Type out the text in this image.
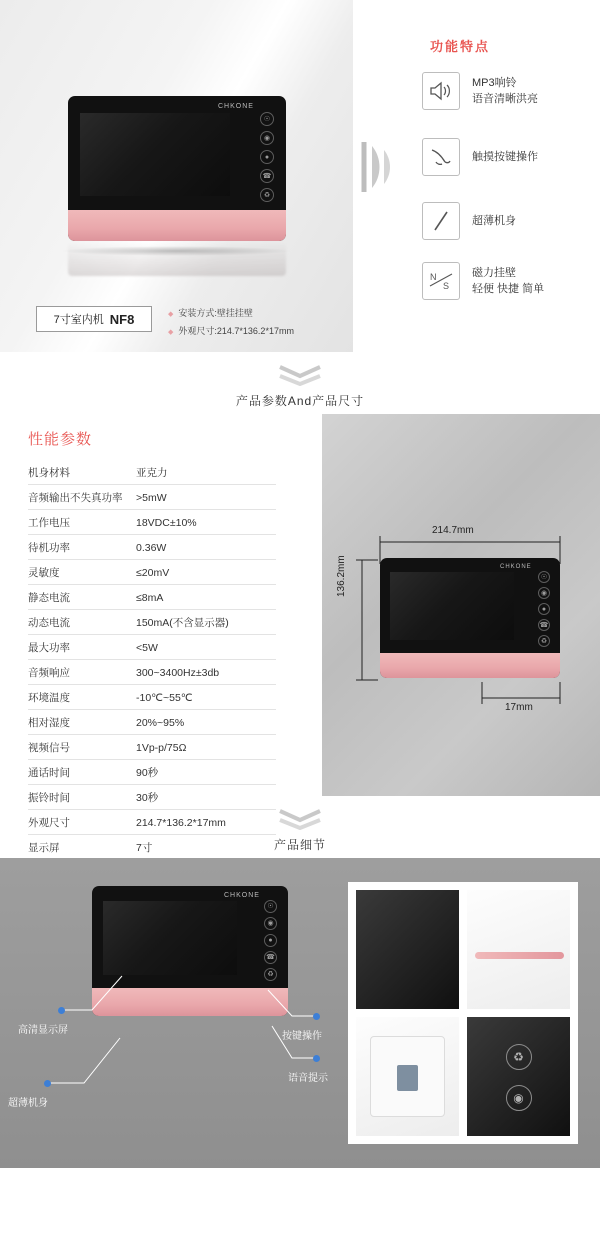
功能特点
CHKONE
☉
◉
●
☎
♻
7寸室内机 NF8	◆ 安装方式:壁挂挂壁
◆ 外观尺寸:214.7*136.2*17mm
MP3响铃
语音清晰洪亮
触摸按键操作
超薄机身
N
S
磁力挂壁
轻便 快捷 简单
产品参数And产品尺寸
性能参数
机身材料	亚克力
音频输出不失真功率	>5mW
工作电压	18VDC±10%
待机功率	0.36W
灵敏度	≤20mV
静态电流	≤8mA
动态电流	150mA(不含显示器)
最大功率	<5W
音频响应	300~3400Hz±3db
环境温度	-10℃~55℃
相对湿度	20%~95%
视频信号	1Vp-p/75Ω
通话时间	90秒
振铃时间	30秒
外观尺寸	214.7*136.2*17mm
显示屏	7寸

CHKONE
☉
◉
●
☎
♻
214.7mm
136.2mm
17mm
产品细节
CHKONE
☉
◉
●
☎
♻
高清显示屏
超薄机身
按键操作
语音提示
♻
◉
